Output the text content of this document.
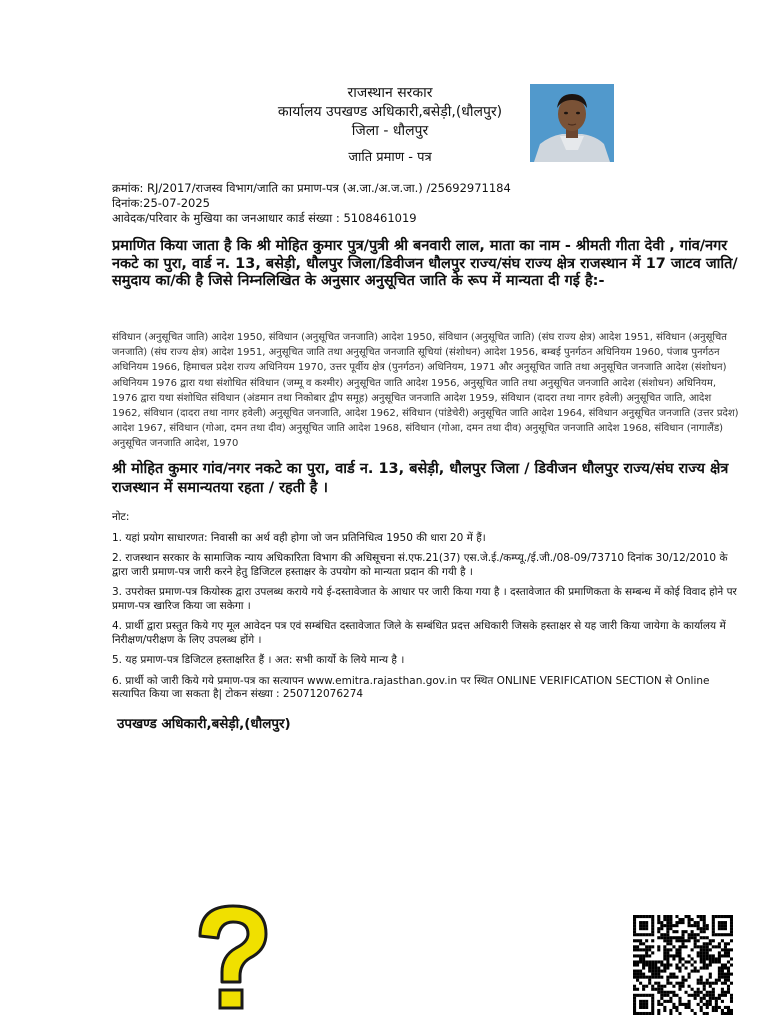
राजस्थान सरकार
कार्यालय उपखण्ड अधिकारी,बसेड़ी,(धौलपुर)
जिला - धौलपुर
जाति प्रमाण - पत्र
क्रमांक: RJ/2017/राजस्व विभाग/जाति का प्रमाण-पत्र (अ.जा./अ.ज.जा.) /25692971184
दिनांक:25-07-2025
आवेदक/परिवार के मुखिया का जनआधार कार्ड संख्या : 5108461019
प्रमाणित किया जाता है कि श्री मोहित कुमार पुत्र/पुत्री श्री बनवारी लाल, माता का नाम - श्रीमती गीता देवी , गांव/नगर नकटे का पुरा, वार्ड न. 13, बसेड़ी, धौलपुर जिला/डिवीजन धौलपुर राज्य/संघ राज्य क्षेत्र राजस्थान में 17 जाटव जाति/समुदाय का/की है जिसे निम्नलिखित के अनुसार अनुसूचित जाति के रूप में मान्यता दी गई है:-
संविधान (अनुसूचित जाति) आदेश 1950, संविधान (अनुसूचित जनजाति) आदेश 1950, संविधान (अनुसूचित जाति) (संघ राज्य क्षेत्र) आदेश 1951, संविधान (अनुसूचित जनजाति) (संघ राज्य क्षेत्र) आदेश 1951, अनुसूचित जाति तथा अनुसूचित जनजाति सूचियां (संशोधन) आदेश 1956, बम्बई पुनर्गठन अधिनियम 1960, पंजाब पुनर्गठन अधिनियम 1966, हिमाचल प्रदेश राज्य अधिनियम 1970, उत्तर पूर्वीय क्षेत्र (पुनर्गठन) अधिनियम, 1971 और अनुसूचित जाति तथा अनुसूचित जनजाति आदेश (संशोधन) अधिनियम 1976 द्वारा यथा संशोधित संविधान (जम्मू व कश्मीर) अनुसूचित जाति आदेश 1956, अनुसूचित जाति तथा अनुसूचित जनजाति आदेश (संशोधन) अधिनियम, 1976 द्वारा यथा संशोधित संविधान (अंडमान तथा निकोबार द्वीप समूह) अनुसूचित जनजाति आदेश 1959, संविधान (दादरा तथा नागर हवेली) अनुसूचित जाति, आदेश 1962, संविधान (दादरा तथा नागर हवेली) अनुसूचित जनजाति, आदेश 1962, संविधान (पांडेचेरी) अनुसूचित जाति आदेश 1964, संविधान अनुसूचित जनजाति (उत्तर प्रदेश) आदेश 1967, संविधान (गोआ, दमन तथा दीव) अनुसूचित जाति आदेश 1968, संविधान (गोआ, दमन तथा दीव) अनुसूचित जनजाति आदेश 1968, संविधान (नागालैंड) अनुसूचित जनजाति आदेश, 1970
श्री मोहित कुमार गांव/नगर नकटे का पुरा, वार्ड न. 13, बसेड़ी, धौलपुर जिला / डिवीजन धौलपुर राज्य/संघ राज्य क्षेत्र राजस्थान में समान्यतया रहता / रहती है ।
नोट:
1. यहां प्रयोग साधारणत: निवासी का अर्थ वही होगा जो जन प्रतिनिधित्व 1950 की धारा 20 में हैं।
2. राजस्थान सरकार के सामाजिक न्याय अधिकारिता विभाग की अधिसूचना सं.एफ.21(37) एस.जे.ई./कम्प्यू./ई.जी./08-09/73710 दिनांक 30/12/2010 के द्वारा जारी प्रमाण-पत्र जारी करने हेतु डिजिटल हस्ताक्षर के उपयोग को मान्यता प्रदान की गयी है ।
3. उपरोक्त प्रमाण-पत्र कियोस्क द्वारा उपलब्ध कराये गये ई-दस्तावेजात के आधार पर जारी किया गया है । दस्तावेजात की प्रमाणिकता के सम्बन्ध में कोई विवाद होने पर प्रमाण-पत्र खारिज किया जा सकेगा ।
4. प्रार्थी द्वारा प्रस्तुत किये गए मूल आवेदन पत्र एवं सम्बंधित दस्तावेजात जिले के सम्बंधित प्रदत्त अधिकारी जिसके हस्ताक्षर से यह जारी किया जायेगा के कार्यालय में निरीक्षण/परीक्षण के लिए उपलब्ध होंगे ।
5. यह प्रमाण-पत्र डिजिटल हस्ताक्षरित हैं । अत: सभी कार्यो के लिये मान्य है ।
6. प्रार्थी को जारी किये गये प्रमाण-पत्र का सत्यापन www.emitra.rajasthan.gov.in पर स्थित ONLINE VERIFICATION SECTION से Online सत्यापित किया जा सकता है| टोकन संख्या : 250712076274
उपखण्ड अधिकारी,बसेड़ी,(धौलपुर)
